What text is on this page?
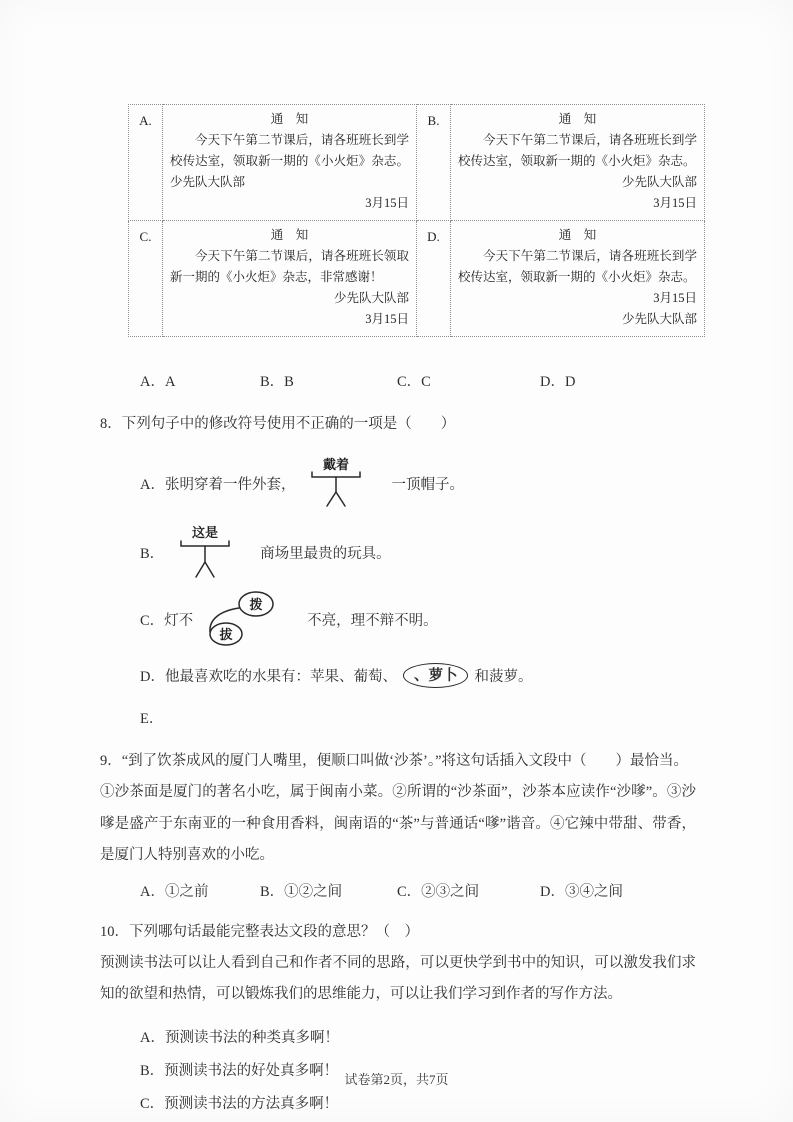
A.	通　知
今天下午第二节课后，请各班班长到学校传达室，领取新一期的《小火炬》杂志。少先队大队部
3月15日
	B.	通　知
今天下午第二节课后，请各班班长到学校传达室，领取新一期的《小火炬》杂志。
少先队大队部
3月15日

C.	通　知
今天下午第二节课后，请各班班长领取新一期的《小火炬》杂志，非常感谢！
少先队大队部
3月15日
	D.	通　知
今天下午第二节课后，请各班班长到学校传达室，领取新一期的《小火炬》杂志。
3月15日
少先队大队部
A．A	B．B	C．C	D．D
8．下列句子中的修改符号使用不正确的一项是（　　）
A． 张明穿着一件外套，
戴着
一顶帽子。
B．
这是
商场里最贵的玩具。
C． 灯不
拨
拔
不亮，理不辩不明。
D． 他最喜欢吃的水果有：苹果、葡萄、	、萝卜	和菠萝。
E．
9．“到了饮茶成风的厦门人嘴里，便顺口叫做‘沙茶’。”将这句话插入文段中（　　）最恰当。
①沙茶面是厦门的著名小吃，属于闽南小菜。②所谓的“沙茶面”，沙茶本应读作“沙嗲”。③沙嗲是盛产于东南亚的一种食用香料，闽南语的“茶”与普通话“嗲”谐音。④它辣中带甜、带香，是厦门人特别喜欢的小吃。
A．①之前	B．①②之间	C．②③之间	D．③④之间
10．下列哪句话最能完整表达文段的意思？（　）
预测读书法可以让人看到自己和作者不同的思路，可以更快学到书中的知识，可以激发我们求知的欲望和热情，可以锻炼我们的思维能力，可以让我们学习到作者的写作方法。
A．预测读书法的种类真多啊！
B．预测读书法的好处真多啊！
C．预测读书法的方法真多啊！
试卷第2页，共7页
